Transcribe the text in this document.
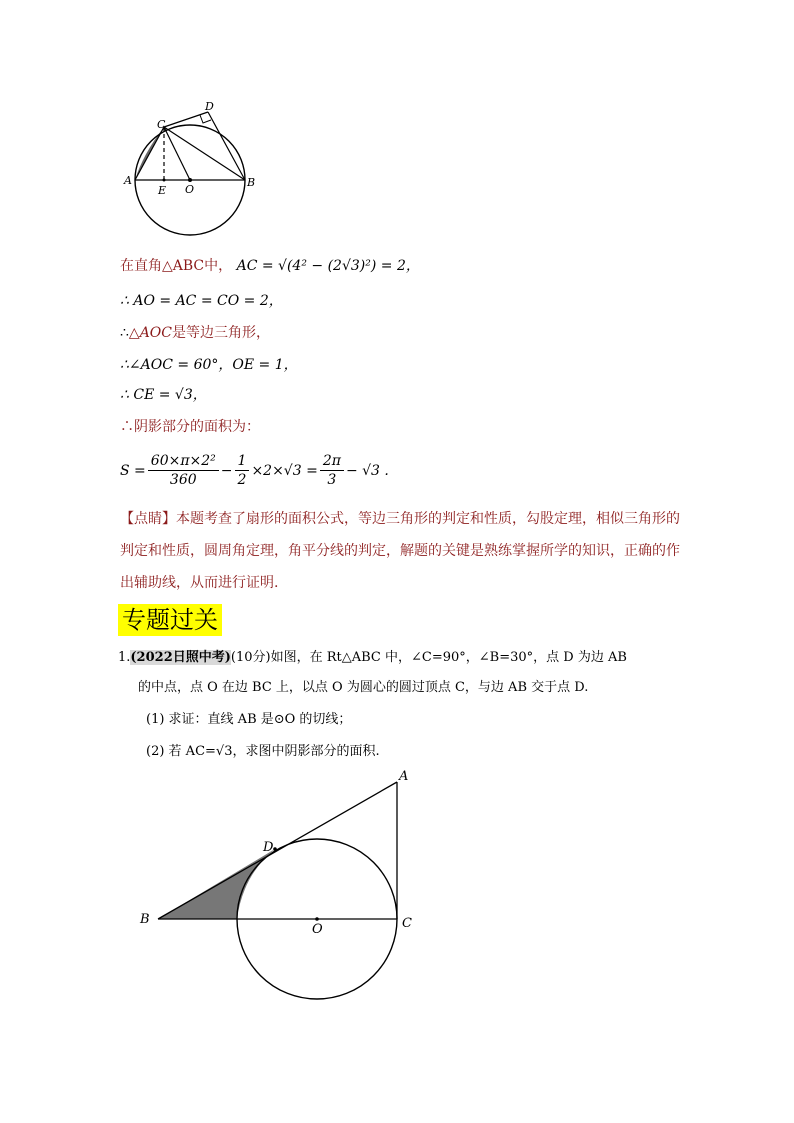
A	B
C
D
E O
在直角△ABC中， AC = √(4² − (2√3)²) = 2，
∴ AO = AC = CO = 2，
∴△AOC是等边三角形，
∴∠AOC = 60°，OE = 1，
∴ CE = √3，
∴阴影部分的面积为：
$S = \frac{\text{60×π×2²}}{360} - \frac{1}{2} \times 2\times√3 = \frac{2\pi}{3} - √3$ .
【点睛】本题考查了扇形的面积公式，等边三角形的判定和性质，勾股定理，相似三角形的
判定和性质，圆周角定理，角平分线的判定，解题的关键是熟练掌握所学的知识，正确的作
出辅助线，从而进行证明.
专题过关
1.(2022日照中考)(10分)如图，在 Rt△ABC 中，∠C=90°，∠B=30°，点 D 为边 AB
的中点，点 O 在边 BC 上，以点 O 为圆心的圆过顶点 C，与边 AB 交于点 D.
(1) 求证：直线 AB 是⊙O 的切线；
(2) 若 AC=√3，求图中阴影部分的面积.
A
B	C
D
O
